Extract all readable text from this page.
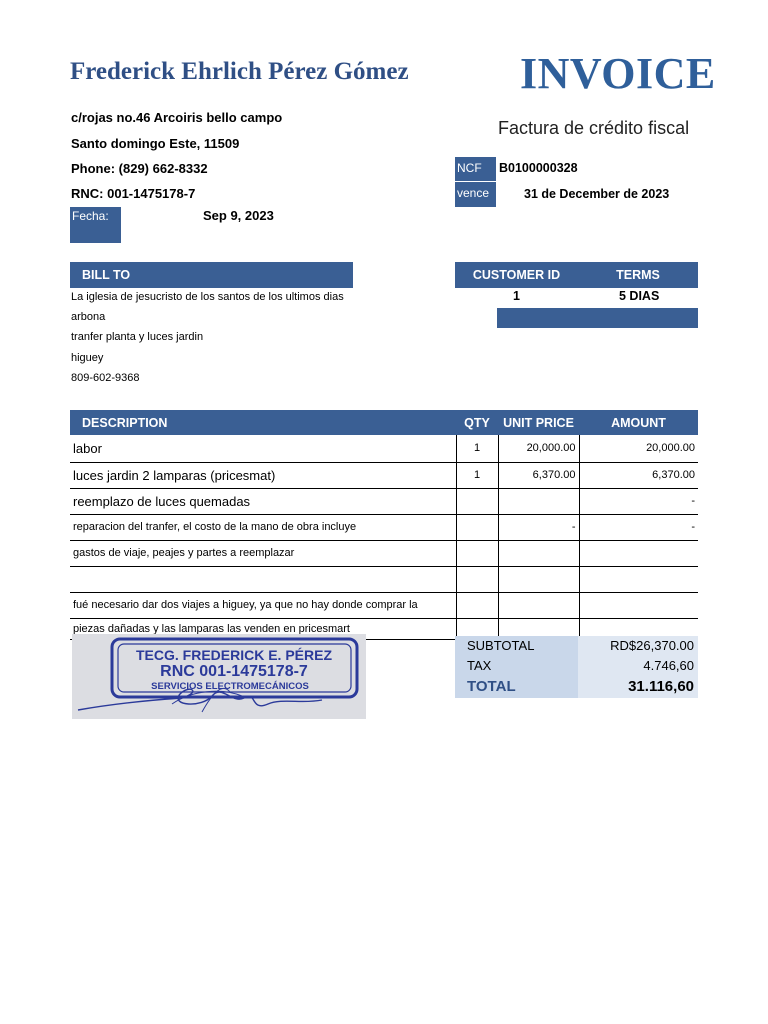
Frederick Ehrlich Pérez Gómez	INVOICE
c/rojas no.46 Arcoiris bello campo
Santo domingo Este, 11509
Phone: (829) 662-8332
RNC: 001-1475178-7
Fecha:	Sep 9, 2023
Factura de crédito fiscal
NCF	B0100000328
vence	31 de December de 2023
BILL TO
La iglesia de jesucristo de los santos de los ultimos dias
arbona
tranfer planta y luces jardin
higuey
809-602-9368
CUSTOMER ID	TERMS
1	5 DIAS
DESCRIPTION	QTY	UNIT PRICE	AMOUNT
labor	1	20,000.00	20,000.00
luces jardin 2 lamparas (pricesmat)	1	6,370.00	6,370.00
reemplazo de luces quemadas			-
reparacion del tranfer, el costo de la mano de obra incluye		-	-
gastos de viaje, peajes y partes a reemplazar			

fué necesario dar dos viajes a higuey, ya que no hay donde comprar la			
piezas dañadas y las lamparas las venden en pricesmart			
SUBTOTAL	RD$26,370.00
TAX	4.746,60
TOTAL	31.116,60
TECG. FREDERICK E. PÉREZ
RNC 001-1475178-7
SERVICIOS ELECTROMECÁNICOS
